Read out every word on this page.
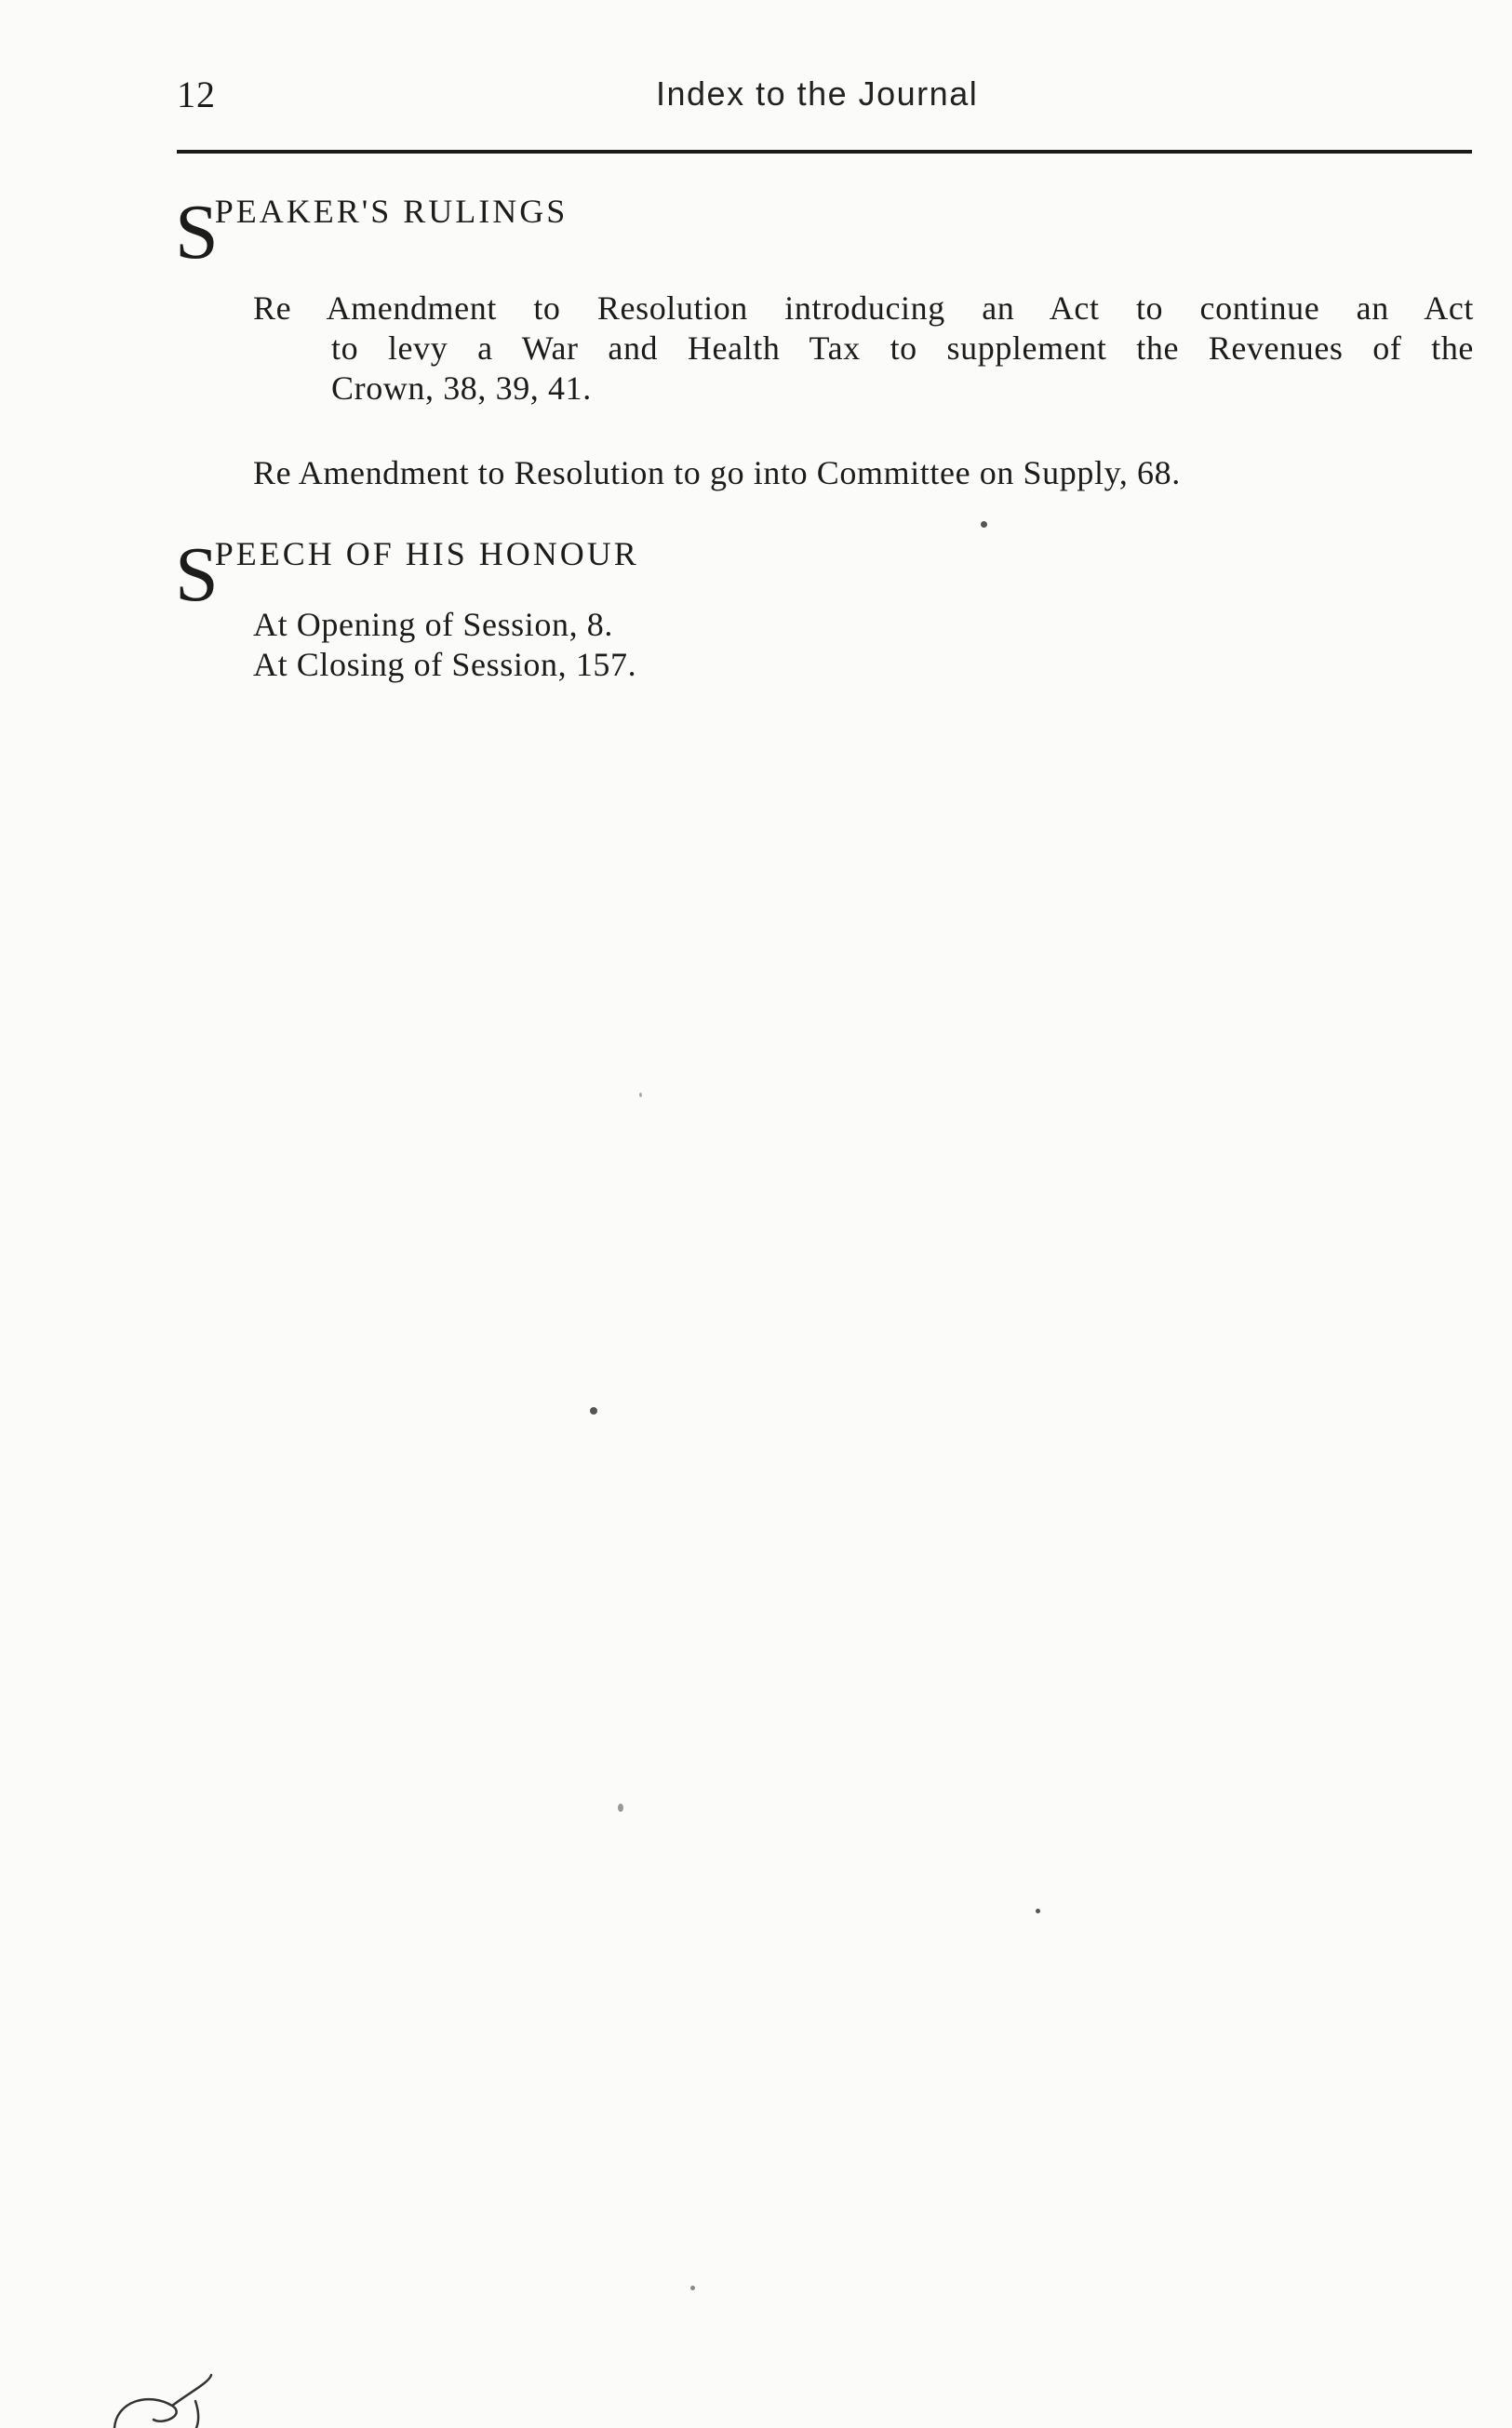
12	Index to the Journal
SPEAKER'S RULINGS
Re Amendment to Resolution introducing an Act to continue an Act
to levy a War and Health Tax to supplement the Revenues of the
Crown, 38, 39, 41.
Re Amendment to Resolution to go into Committee on Supply, 68.
SPEECH OF HIS HONOUR
At Opening of Session, 8.
At Closing of Session, 157.
